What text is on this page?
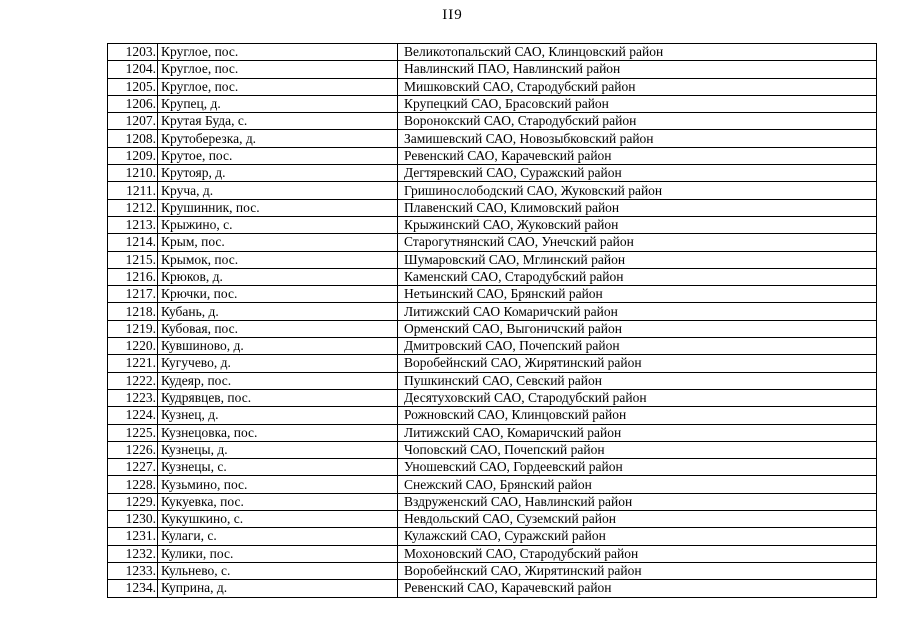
II9
1203.	Круглое, пос.	Великотопальский САО, Клинцовский район
1204.	Круглое, пос.	Навлинский ПАО, Навлинский район
1205.	Круглое, пос.	Мишковский САО, Стародубский район
1206.	Крупец, д.	Крупецкий САО, Брасовский район
1207.	Крутая Буда, с.	Воронокский САО, Стародубский район
1208.	Крутоберезка, д.	Замишевский САО, Новозыбковский район
1209.	Крутое, пос.	Ревенский САО, Карачевский район
1210.	Крутояр, д.	Дегтяревский САО, Суражский район
1211.	Круча, д.	Гришинослободский САО, Жуковский район
1212.	Крушинник, пос.	Плавенский САО, Климовский район
1213.	Крыжино, с.	Крыжинский САО, Жуковский район
1214.	Крым, пос.	Старогутнянский САО, Унечский район
1215.	Крымок, пос.	Шумаровский САО, Мглинский район
1216.	Крюков, д.	Каменский САО, Стародубский район
1217.	Крючки, пос.	Нетьинский САО, Брянский район
1218.	Кубань, д.	Литижский САО Комаричский район
1219.	Кубовая, пос.	Орменский САО, Выгоничский район
1220.	Кувшиново, д.	Дмитровский САО, Почепский район
1221.	Кугучево, д.	Воробейнский САО, Жирятинский район
1222.	Кудеяр, пос.	Пушкинский САО, Севский район
1223.	Кудрявцев, пос.	Десятуховский САО, Стародубский район
1224.	Кузнец, д.	Рожновский САО, Клинцовский район
1225.	Кузнецовка, пос.	Литижский САО, Комаричский район
1226.	Кузнецы, д.	Чоповский САО, Почепский район
1227.	Кузнецы, с.	Уношевский САО, Гордеевский район
1228.	Кузьмино, пос.	Снежский САО, Брянский район
1229.	Кукуевка, пос.	Вздруженский САО, Навлинский район
1230.	Кукушкино, с.	Невдольский САО, Суземский район
1231.	Кулаги, с.	Кулажский САО, Суражский район
1232.	Кулики, пос.	Мохоновский САО, Стародубский район
1233.	Кульнево, с.	Воробейнский САО, Жирятинский район
1234.	Куприна, д.	Ревенский САО, Карачевский район
